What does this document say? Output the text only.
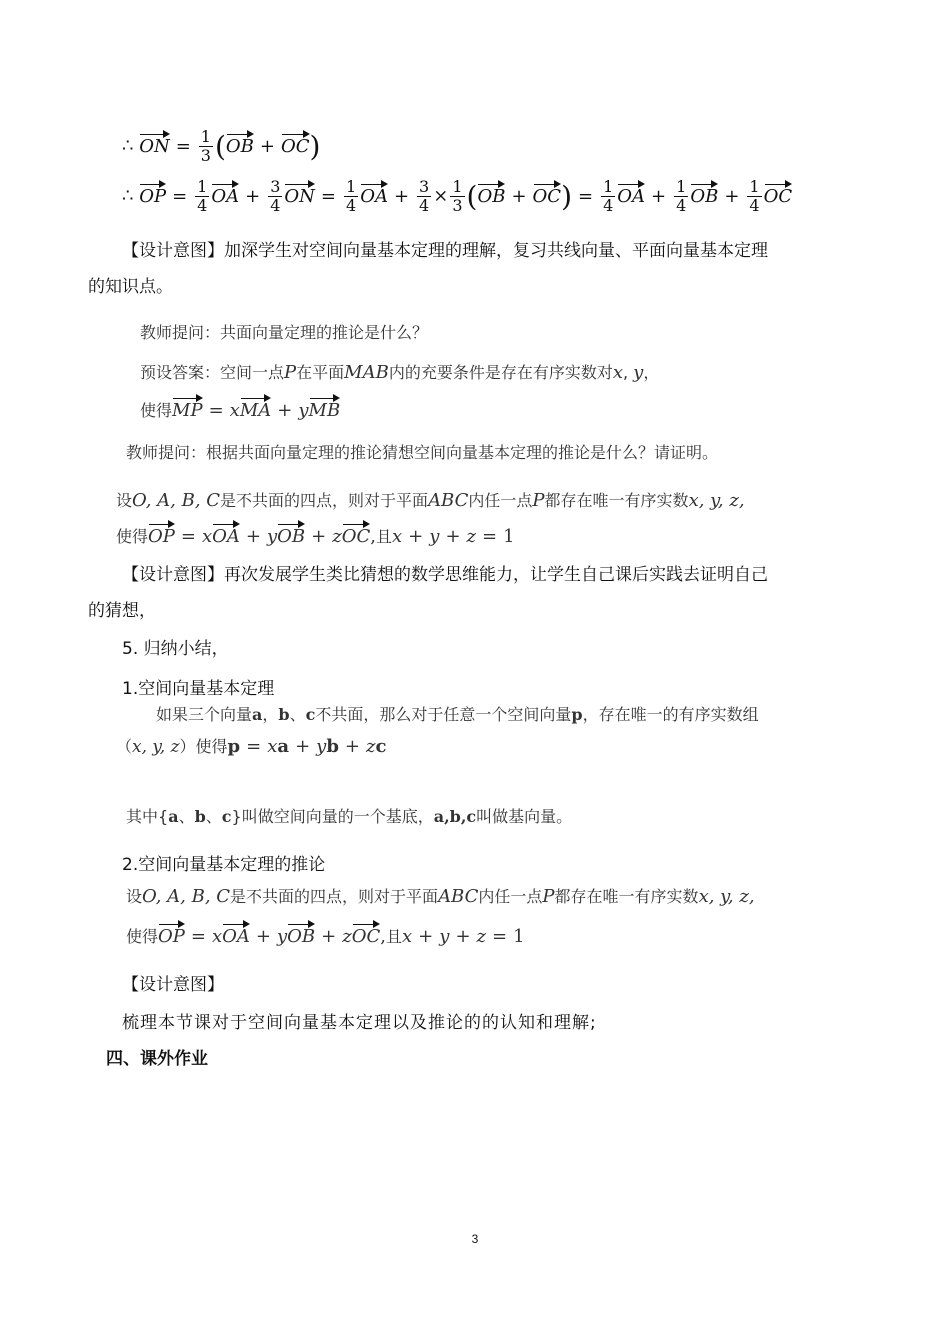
∴ ON = $\frac{1}{3} (OB + OC)$
∴ OP = $\frac{1}{4}$ OA + $\frac{3}{4}$ ON = $\frac{1}{4}$ OA + $\frac{3}{4} \times \frac{1}{3} (OB + OC) = \frac{1}{4}$ OA + $\frac{1}{4}$ OB + $\frac{1}{4}$ OC
【设计意图】加深学生对空间向量基本定理的理解，复习共线向量、平面向量基本定理
的知识点。
教师提问：共面向量定理的推论是什么？
预设答案：空间一点P在平面MAB内的充要条件是存在有序实数对x, y，
使得MP = xMA + yMB
教师提问：根据共面向量定理的推论猜想空间向量基本定理的推论是什么？请证明。
设O, A, B, C是不共面的四点，则对于平面ABC内任一点P都存在唯一有序实数x, y, z,
使得OP = xOA + yOB + zOC,且x + y + z = 1
【设计意图】再次发展学生类比猜想的数学思维能力，让学生自己课后实践去证明自己
的猜想，
5. 归纳小结，
1.空间向量基本定理
如果三个向量a，b、c不共面，那么对于任意一个空间向量p，存在唯一的有序实数组
（x, y, z）使得p = xa + yb + zc
其中{a、b、c}叫做空间向量的一个基底，a,b,c叫做基向量。
2.空间向量基本定理的推论
设O, A, B, C是不共面的四点，则对于平面ABC内任一点P都存在唯一有序实数x, y, z,
使得OP = xOA + yOB + zOC,且x + y + z = 1
【设计意图】
梳理本节课对于空间向量基本定理以及推论的的认知和理解;
四、课外作业
3
